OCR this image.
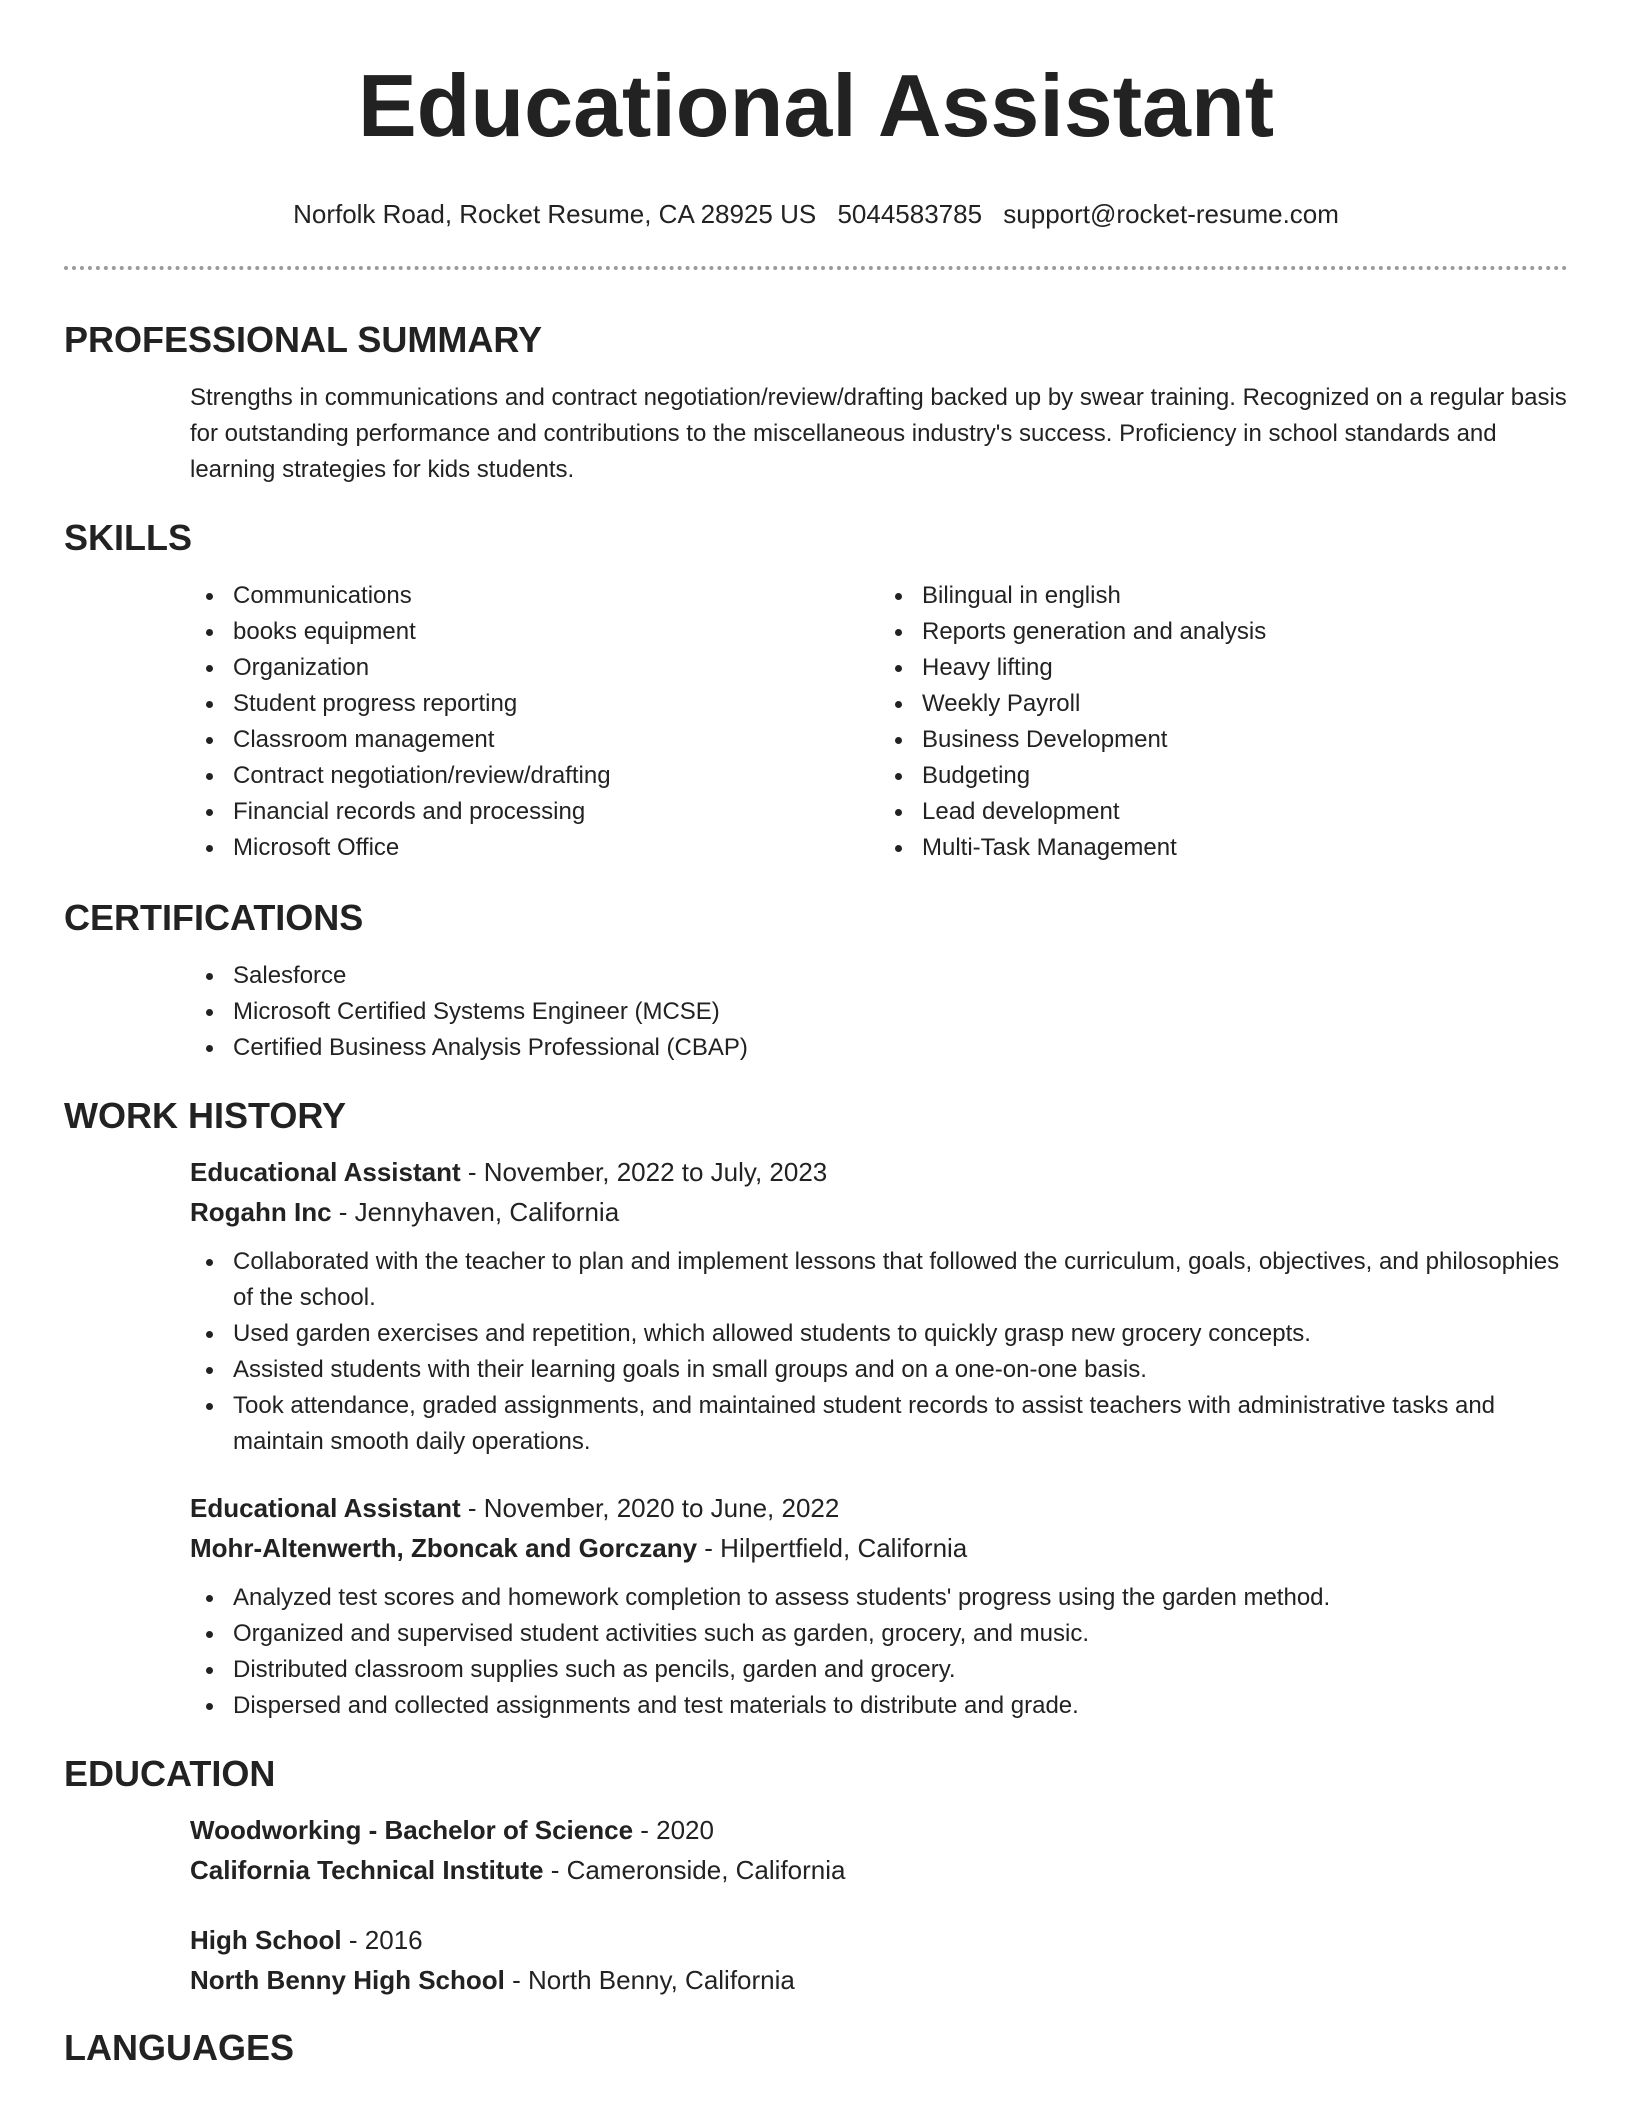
Educational Assistant
Norfolk Road, Rocket Resume, CA 28925 US 5044583785 support@rocket-resume.com
PROFESSIONAL SUMMARY
Strengths in communications and contract negotiation/review/drafting backed up by swear training. Recognized on a regular basis for outstanding performance and contributions to the miscellaneous industry's success. Proficiency in school standards and learning strategies for kids students.
SKILLS
Communications
books equipment
Organization
Student progress reporting
Classroom management
Contract negotiation/review/drafting
Financial records and processing
Microsoft Office
Bilingual in english
Reports generation and analysis
Heavy lifting
Weekly Payroll
Business Development
Budgeting
Lead development
Multi-Task Management
CERTIFICATIONS
Salesforce
Microsoft Certified Systems Engineer (MCSE)
Certified Business Analysis Professional (CBAP)
WORK HISTORY
Educational Assistant - November, 2022 to July, 2023
Rogahn Inc - Jennyhaven, California
Collaborated with the teacher to plan and implement lessons that followed the curriculum, goals, objectives, and philosophies of the school.
Used garden exercises and repetition, which allowed students to quickly grasp new grocery concepts.
Assisted students with their learning goals in small groups and on a one-on-one basis.
Took attendance, graded assignments, and maintained student records to assist teachers with administrative tasks and maintain smooth daily operations.
Educational Assistant - November, 2020 to June, 2022
Mohr-Altenwerth, Zboncak and Gorczany - Hilpertfield, California
Analyzed test scores and homework completion to assess students' progress using the garden method.
Organized and supervised student activities such as garden, grocery, and music.
Distributed classroom supplies such as pencils, garden and grocery.
Dispersed and collected assignments and test materials to distribute and grade.
EDUCATION
Woodworking - Bachelor of Science - 2020
California Technical Institute - Cameronside, California
High School - 2016
North Benny High School - North Benny, California
LANGUAGES
